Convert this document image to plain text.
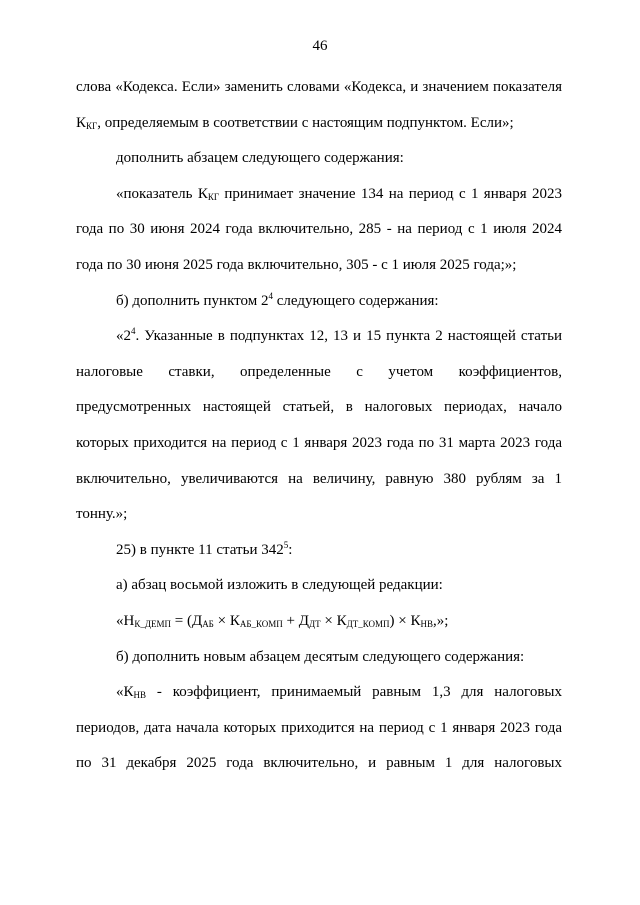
46

слова «Кодекса. Если» заменить словами «Кодекса, и значением показателя $К_{КГ}$, определяемым в соответствии с настоящим подпунктом. Если»;

дополнить абзацем следующего содержания:

«показатель $К_{КГ}$ принимает значение 134 на период с 1 января 2023 года по 30 июня 2024 года включительно, 285 - на период с 1 июля 2024 года по 30 июня 2025 года включительно, 305 - с 1 июля 2025 года;»;

б) дополнить пунктом $2^4$ следующего содержания:

«$2^4$. Указанные в подпунктах 12, 13 и 15 пункта 2 настоящей статьи налоговые ставки, определенные с учетом коэффициентов, предусмотренных настоящей статьей, в налоговых периодах, начало которых приходится на период с 1 января 2023 года по 31 марта 2023 года включительно, увеличиваются на величину, равную 380 рублям за 1 тонну.»;

25) в пункте 11 статьи $342^5$:

а) абзац восьмой изложить в следующей редакции:

«$Н_{К\_ДЕМП} = (Д_{АБ} \times К_{АБ\_КОМП} + Д_{ДТ} \times К_{ДТ\_КОМП}) \times К_{НВ}$,»;

б) дополнить новым абзацем десятым следующего содержания:

«$К_{НВ}$ - коэффициент, принимаемый равным 1,3 для налоговых периодов, дата начала которых приходится на период с 1 января 2023 года по 31 декабря 2025 года включительно, и равным 1 для налоговых
